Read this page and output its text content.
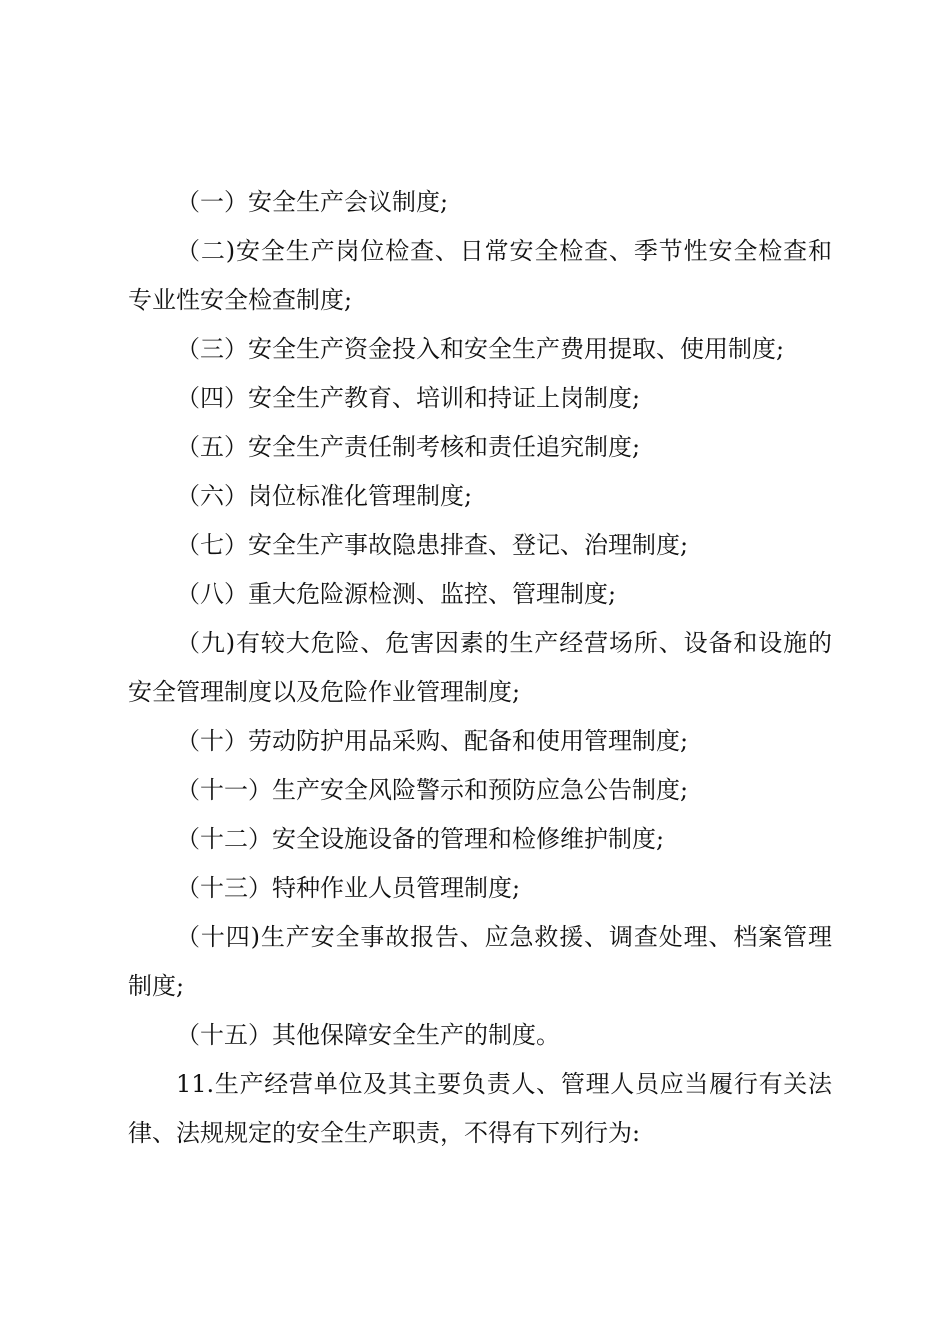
（一）安全生产会议制度;

（二)安全生产岗位检查、日常安全检查、季节性安全检查和专业性安全检查制度;

（三）安全生产资金投入和安全生产费用提取、使用制度;

（四）安全生产教育、培训和持证上岗制度;

（五）安全生产责任制考核和责任追究制度;

（六）岗位标准化管理制度;

（七）安全生产事故隐患排查、登记、治理制度;

（八）重大危险源检测、监控、管理制度;

（九)有较大危险、危害因素的生产经营场所、设备和设施的安全管理制度以及危险作业管理制度;

（十）劳动防护用品采购、配备和使用管理制度;

（十一）生产安全风险警示和预防应急公告制度;

（十二）安全设施设备的管理和检修维护制度;

（十三）特种作业人员管理制度;

（十四)生产安全事故报告、应急救援、调查处理、档案管理制度;

（十五）其他保障安全生产的制度。

11.生产经营单位及其主要负责人、管理人员应当履行有关法律、法规规定的安全生产职责，不得有下列行为:
